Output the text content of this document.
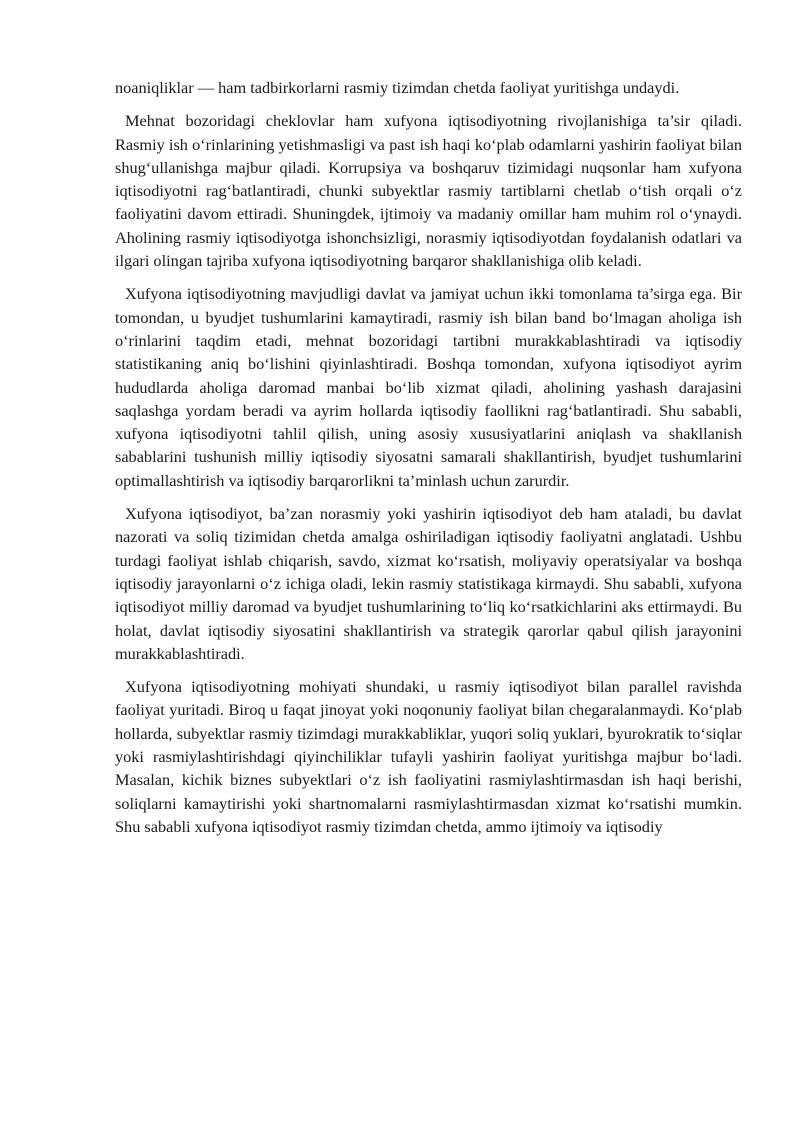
noaniqliklar — ham tadbirkorlarni rasmiy tizimdan chetda faoliyat yuritishga undaydi.

Mehnat bozoridagi cheklovlar ham xufyona iqtisodiyotning rivojlanishiga ta’sir qiladi. Rasmiy ish oʻrinlarining yetishmasligi va past ish haqi koʻplab odamlarni yashirin faoliyat bilan shugʻullanishga majbur qiladi. Korrupsiya va boshqaruv tizimidagi nuqsonlar ham xufyona iqtisodiyotni ragʻbatlantiradi, chunki subyektlar rasmiy tartiblarni chetlab oʻtish orqali oʻz faoliyatini davom ettiradi. Shuningdek, ijtimoiy va madaniy omillar ham muhim rol oʻynaydi. Aholining rasmiy iqtisodiyotga ishonchsizligi, norasmiy iqtisodiyotdan foydalanish odatlari va ilgari olingan tajriba xufyona iqtisodiyotning barqaror shakllanishiga olib keladi.

Xufyona iqtisodiyotning mavjudligi davlat va jamiyat uchun ikki tomonlama ta’sirga ega. Bir tomondan, u byudjet tushumlarini kamaytiradi, rasmiy ish bilan band boʻlmagan aholiga ish oʻrinlarini taqdim etadi, mehnat bozoridagi tartibni murakkablashtiradi va iqtisodiy statistikaning aniq boʻlishini qiyinlashtiradi. Boshqa tomondan, xufyona iqtisodiyot ayrim hududlarda aholiga daromad manbai boʻlib xizmat qiladi, aholining yashash darajasini saqlashga yordam beradi va ayrim hollarda iqtisodiy faollikni ragʻbatlantiradi. Shu sababli, xufyona iqtisodiyotni tahlil qilish, uning asosiy xususiyatlarini aniqlash va shakllanish sabablarini tushunish milliy iqtisodiy siyosatni samarali shakllantirish, byudjet tushumlarini optimallashtirish va iqtisodiy barqarorlikni ta’minlash uchun zarurdir.

Xufyona iqtisodiyot, ba’zan norasmiy yoki yashirin iqtisodiyot deb ham ataladi, bu davlat nazorati va soliq tizimidan chetda amalga oshiriladigan iqtisodiy faoliyatni anglatadi. Ushbu turdagi faoliyat ishlab chiqarish, savdo, xizmat koʻrsatish, moliyaviy operatsiyalar va boshqa iqtisodiy jarayonlarni oʻz ichiga oladi, lekin rasmiy statistikaga kirmaydi. Shu sababli, xufyona iqtisodiyot milliy daromad va byudjet tushumlarining toʻliq koʻrsatkichlarini aks ettirmaydi. Bu holat, davlat iqtisodiy siyosatini shakllantirish va strategik qarorlar qabul qilish jarayonini murakkablashtiradi.

Xufyona iqtisodiyotning mohiyati shundaki, u rasmiy iqtisodiyot bilan parallel ravishda faoliyat yuritadi. Biroq u faqat jinoyat yoki noqonuniy faoliyat bilan chegaralanmaydi. Koʻplab hollarda, subyektlar rasmiy tizimdagi murakkabliklar, yuqori soliq yuklari, byurokratik toʻsiqlar yoki rasmiylashtirishdagi qiyinchiliklar tufayli yashirin faoliyat yuritishga majbur boʻladi. Masalan, kichik biznes subyektlari oʻz ish faoliyatini rasmiylashtirmasdan ish haqi berishi, soliqlarni kamaytirishi yoki shartnomalarni rasmiylashtirmasdan xizmat koʻrsatishi mumkin. Shu sababli xufyona iqtisodiyot rasmiy tizimdan chetda, ammo ijtimoiy va iqtisodiy
